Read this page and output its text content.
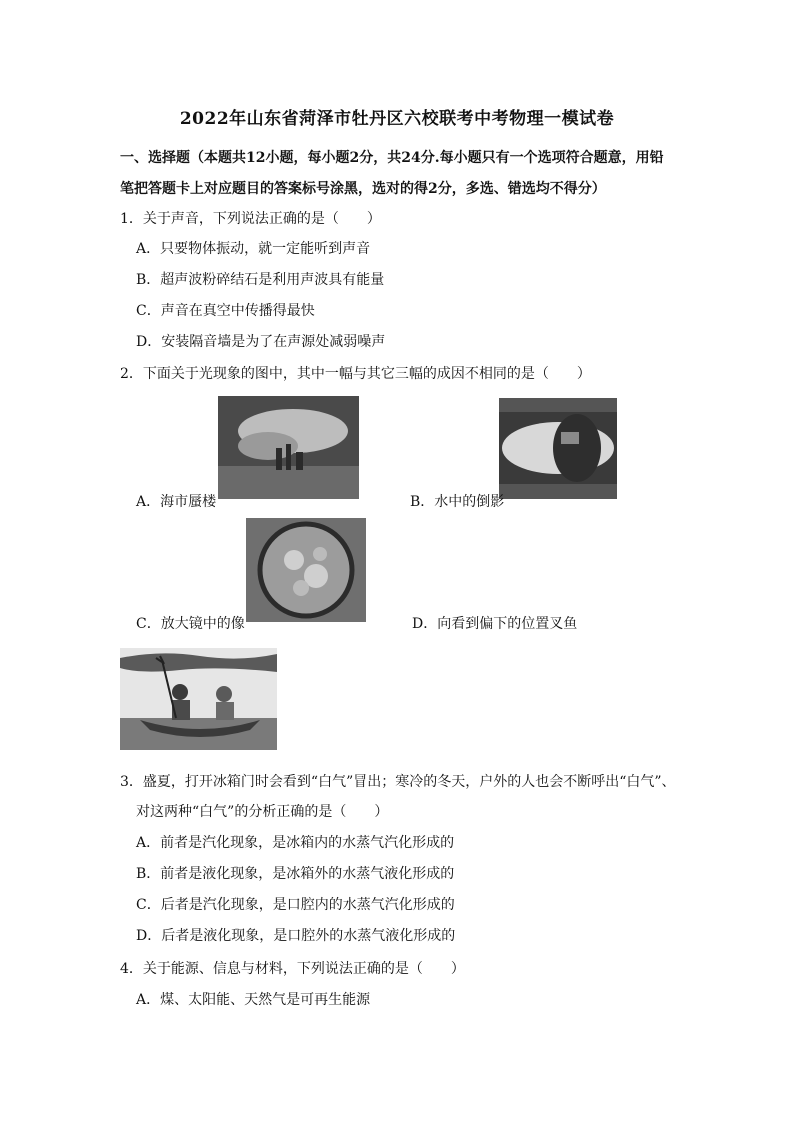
2022年山东省菏泽市牡丹区六校联考中考物理一模试卷
一、选择题（本题共12小题，每小题2分，共24分.每小题只有一个选项符合题意，用铅
笔把答题卡上对应题目的答案标号涂黑，选对的得2分，多选、错选均不得分）
1．关于声音，下列说法正确的是（　　）
A．只要物体振动，就一定能听到声音
B．超声波粉碎结石是利用声波具有能量
C．声音在真空中传播得最快
D．安装隔音墙是为了在声源处减弱噪声
2．下面关于光现象的图中，其中一幅与其它三幅的成因不相同的是（　　）
A．海市蜃楼	B．水中的倒影
C．放大镜中的像	D．向看到偏下的位置叉鱼
3．盛夏，打开冰箱门时会看到“白气”冒出；寒冷的冬天，户外的人也会不断呼出“白气”、
对这两种“白气”的分析正确的是（　　）
A．前者是汽化现象，是冰箱内的水蒸气汽化形成的
B．前者是液化现象，是冰箱外的水蒸气液化形成的
C．后者是汽化现象，是口腔内的水蒸气汽化形成的
D．后者是液化现象，是口腔外的水蒸气液化形成的
4．关于能源、信息与材料，下列说法正确的是（　　）
A．煤、太阳能、天然气是可再生能源
